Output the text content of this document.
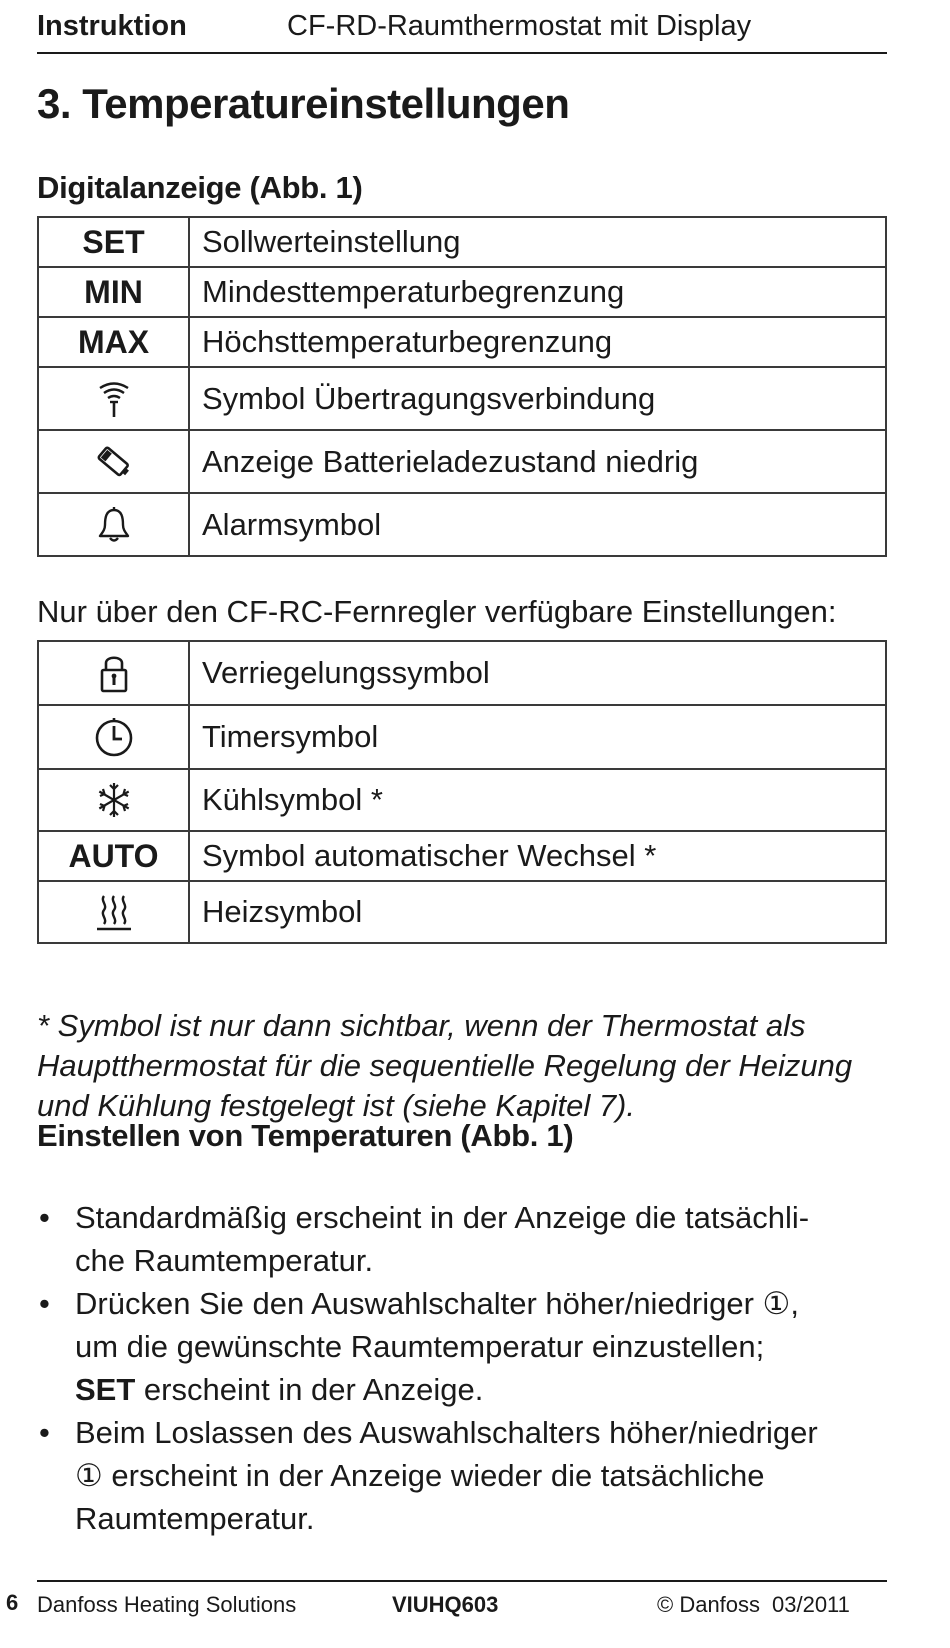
6
Instruktion	CF-RD-Raumthermostat mit Display
3. Temperatureinstellungen
Digitalanzeige (Abb. 1)
SET	Sollwerteinstellung
MIN	Mindesttemperaturbegrenzung
MAX	Höchsttemperaturbegrenzung

	Symbol Übertragungsverbindung

	Anzeige Batterieladezustand niedrig

	Alarmsymbol
Nur über den CF-RC-Fernregler verfügbare Einstellungen:
	Verriegelungssymbol

	Timersymbol

	Kühlsymbol *
AUTO	Symbol automatischer Wechsel *

	Heizsymbol
* Symbol ist nur dann sichtbar, wenn der Thermostat als
Hauptthermostat für die sequentielle Regelung der Heizung
und Kühlung festgelegt ist (siehe Kapitel 7).
Einstellen von Temperaturen (Abb. 1)
• Standardmäßig erscheint in der Anzeige die tatsächli-
che Raumtemperatur.
• Drücken Sie den Auswahlschalter höher/niedriger ①,
um die gewünschte Raumtemperatur einzustellen;
SET erscheint in der Anzeige.
• Beim Loslassen des Auswahlschalters höher/niedriger
① erscheint in der Anzeige wieder die tatsächliche
Raumtemperatur.
Danfoss Heating Solutions	VIUHQ603	© Danfoss 03/2011
